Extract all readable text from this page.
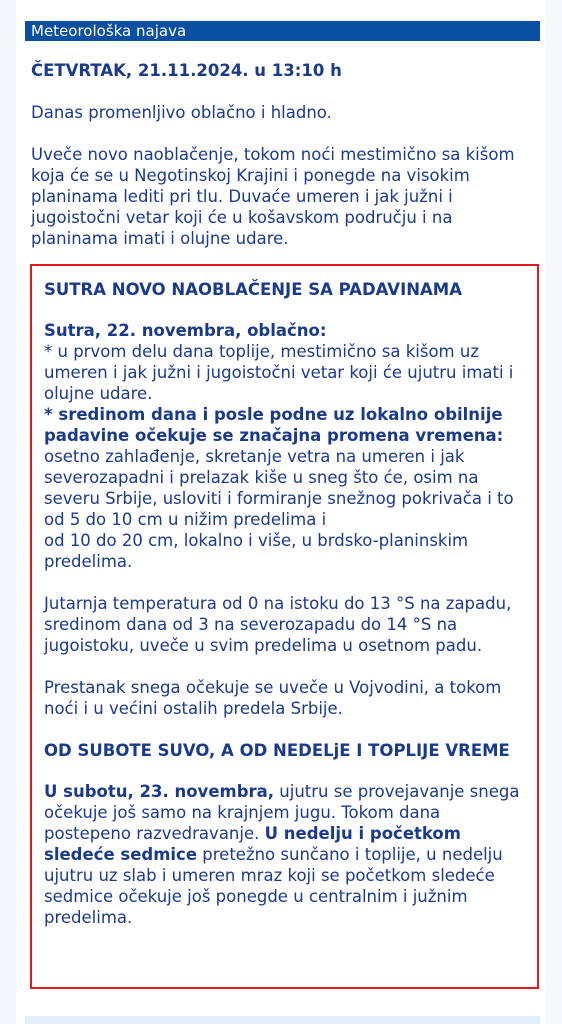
Meteorološka najava
ČETVRTAK, 21.11.2024. u 13:10 h

Danas promenljivo oblačno i hladno.

Uveče novo naoblačenje, tokom noći mestimično sa kišom koja će se u Negotinskoj Krajini i ponegde na visokim planinama lediti pri tlu. Duvaće umeren i jak južni i jugoistočni vetar koji će u košavskom području i na planinama imati i olujne udare.

SUTRA NOVO NAOBLAČENJE SA PADAVINAMA
Sutra, 22. novembra, oblačno:
* u prvom delu dana toplije, mestimično sa kišom uz umeren i jak južni i jugoistočni vetar koji će ujutru imati i olujne udare.
* sredinom dana i posle podne uz lokalno obilnije padavine očekuje se značajna promena vremena: osetno zahlađenje, skretanje vetra na umeren i jak severozapadni i prelazak kiše u sneg što će, osim na severu Srbije, usloviti i formiranje snežnog pokrivača i to
od 5 do 10 cm u nižim predelima i
od 10 do 20 cm, lokalno i više, u brdsko-planinskim predelima.

Jutarnja temperatura od 0 na istoku do 13 °S na zapadu, sredinom dana od 3 na severozapadu do 14 °S na jugoistoku, uveče u svim predelima u osetnom padu.

Prestanak snega očekuje se uveče u Vojvodini, a tokom noći i u većini ostalih predela Srbije.

OD SUBOTE SUVO, A OD NEDELjE I TOPLIJE VREME

U subotu, 23. novembra, ujutru se provejavanje snega očekuje još samo na krajnjem jugu. Tokom dana postepeno razvedravanje. U nedelju i početkom sledeće sedmice pretežno sunčano i toplije, u nedelju ujutru uz slab i umeren mraz koji se početkom sledeće sedmice očekuje još ponegde u centralnim i južnim predelima.
